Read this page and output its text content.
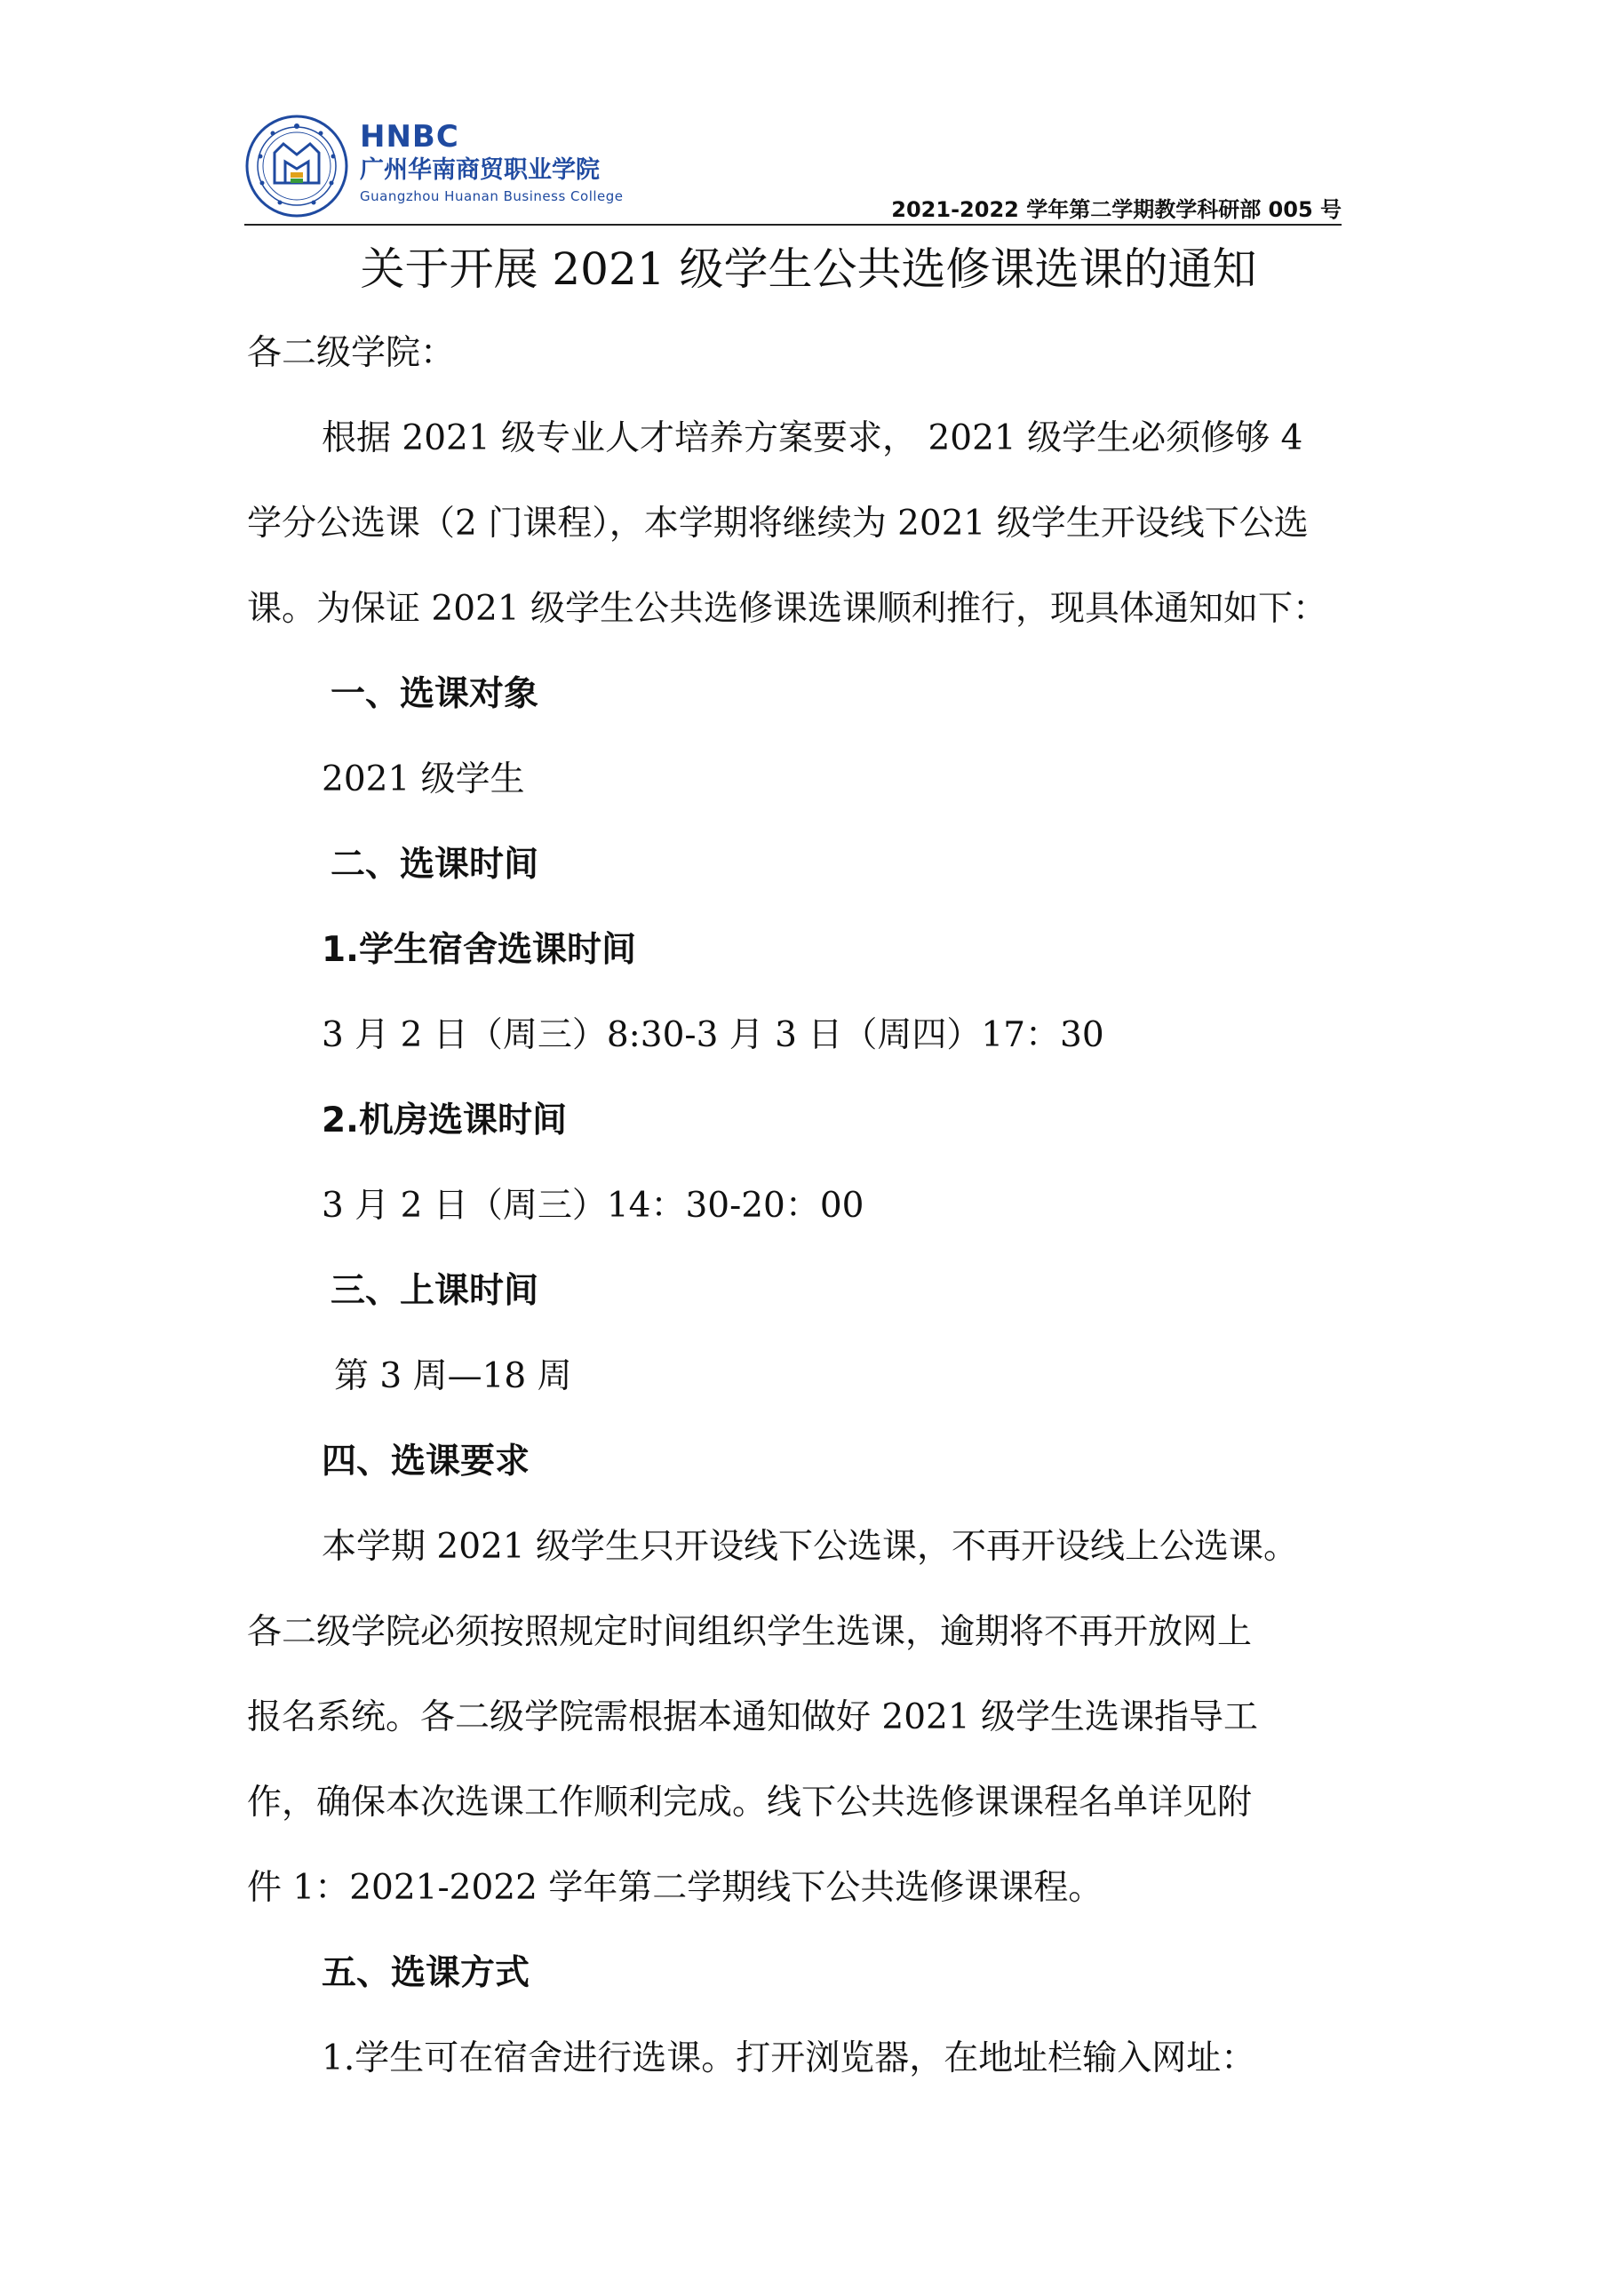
HNBC
广州华南商贸职业学院
Guangzhou Huanan Business College
2021-2022 学年第二学期教学科研部 005 号
关于开展 2021 级学生公共选修课选课的通知
各二级学院：
根据 2021 级专业人才培养方案要求， 2021 级学生必须修够 4
学分公选课（2 门课程），本学期将继续为 2021 级学生开设线下公选
课。为保证 2021 级学生公共选修课选课顺利推行，现具体通知如下：
一、选课对象
2021 级学生
二、选课时间
1.学生宿舍选课时间
3 月 2 日（周三）8:30-3 月 3 日（周四）17：30
2.机房选课时间
3 月 2 日（周三）14：30-20：00
三、上课时间
第 3 周—18 周
四、选课要求
本学期 2021 级学生只开设线下公选课，不再开设线上公选课。
各二级学院必须按照规定时间组织学生选课，逾期将不再开放网上
报名系统。各二级学院需根据本通知做好 2021 级学生选课指导工
作，确保本次选课工作顺利完成。线下公共选修课课程名单详见附
件 1：2021-2022 学年第二学期线下公共选修课课程。
五、选课方式
1.学生可在宿舍进行选课。打开浏览器，在地址栏输入网址：
